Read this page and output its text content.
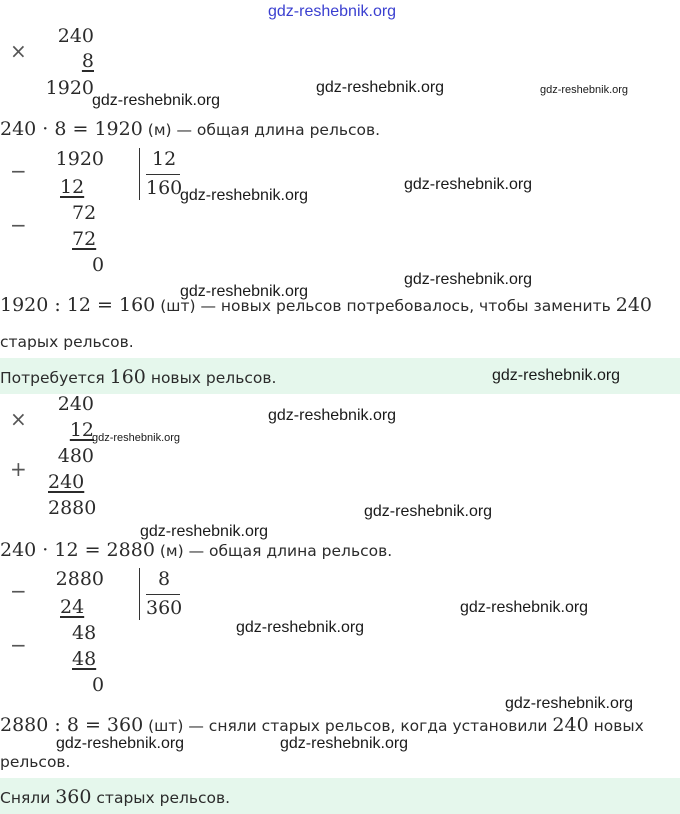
gdz-reshebnik.org
×
240
8
1920
240 · 8 = 1920 (м) — общая длина рельсов.
− 1920	12
160
12
− 72
72
0
1920 : 12 = 160 (шт) — новых рельсов потребовалось, чтобы заменить 240
старых рельсов.
Потребуется 160 новых рельсов.
×
240
12
480
+
240
2880
240 · 12 = 2880 (м) — общая длина рельсов.
− 2880	8
360
24
− 48
48
0
2880 : 8 = 360 (шт) — сняли старых рельсов, когда установили 240 новых
рельсов.
Сняли 360 старых рельсов.
gdz-reshebnik.org
gdz-reshebnik.org	gdz-reshebnik.org
gdz-reshebnik.org
gdz-reshebnik.org
gdz-reshebnik.org
gdz-reshebnik.org
gdz-reshebnik.org
gdz-reshebnik.org
gdz-reshebnik.org
gdz-reshebnik.org
gdz-reshebnik.org
gdz-reshebnik.org
gdz-reshebnik.org
gdz-reshebnik.org
gdz-reshebnik.org	gdz-reshebnik.org
